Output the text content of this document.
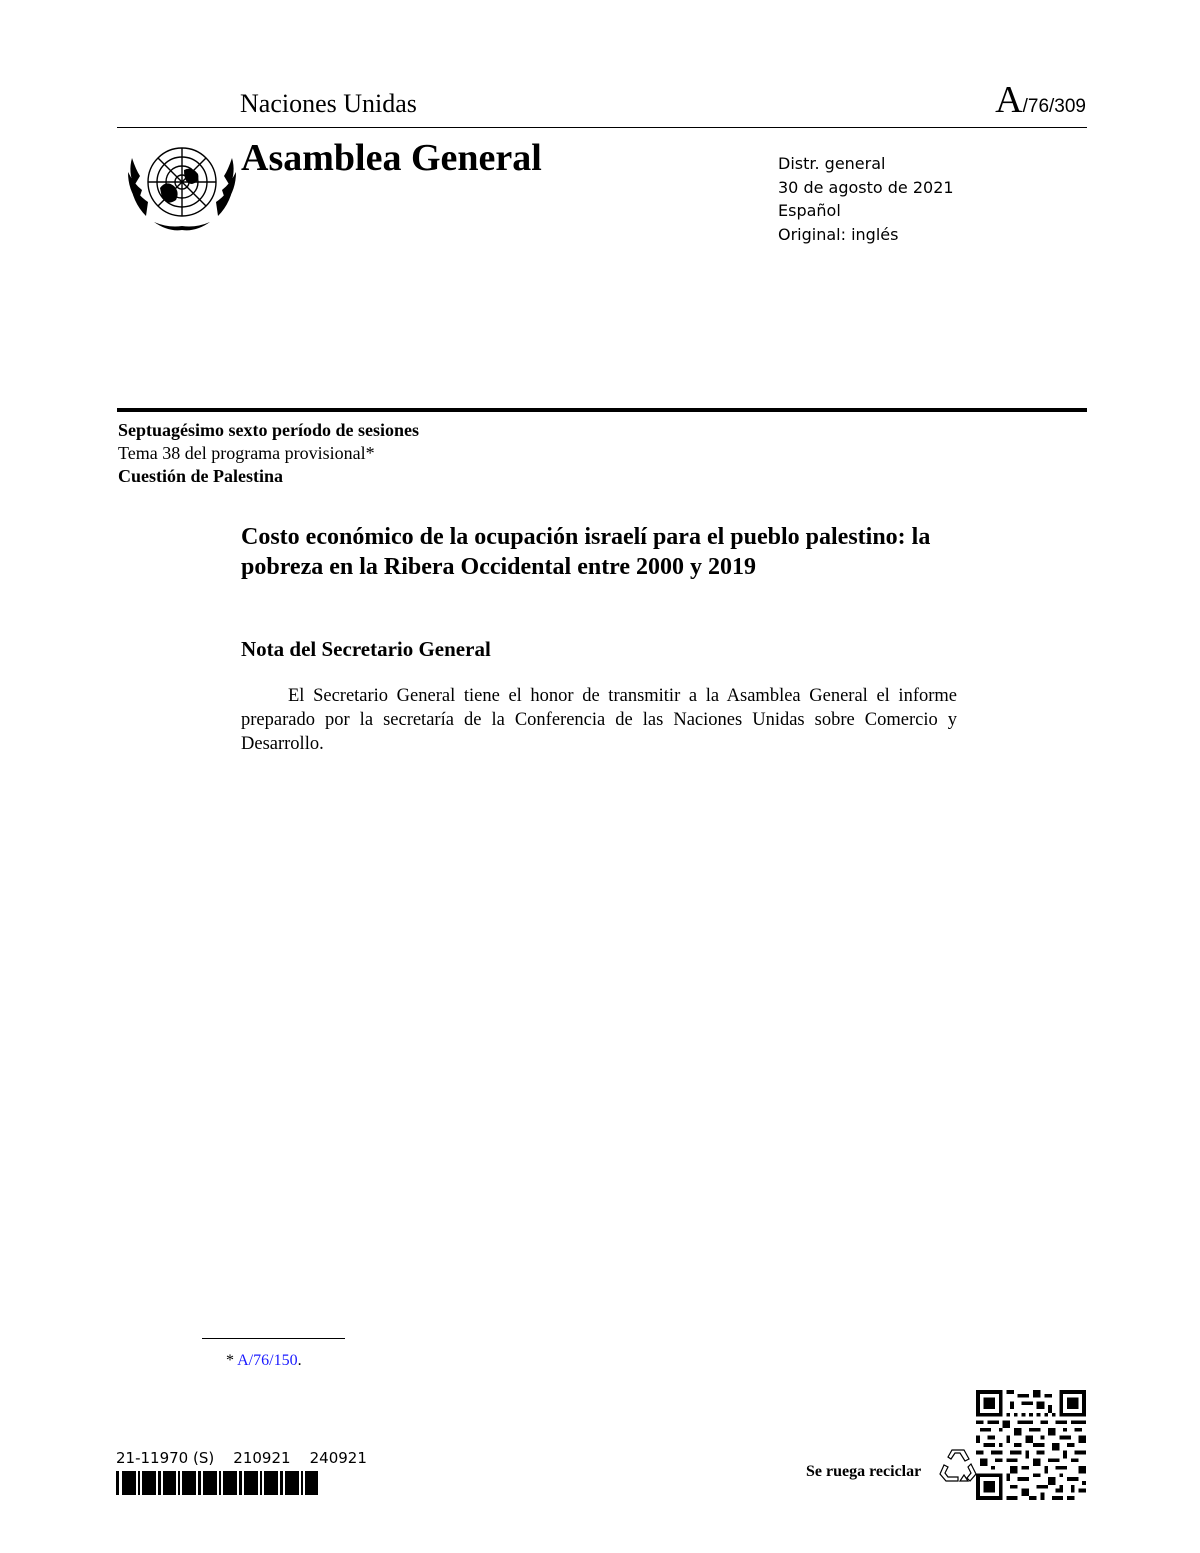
Naciones Unidas	A/76/309
Asamblea General	Distr. general
30 de agosto de 2021
Español
Original: inglés
Septuagésimo sexto período de sesiones
Tema 38 del programa provisional*
Cuestión de Palestina
Costo económico de la ocupación israelí para el pueblo palestino: la pobreza en la Ribera Occidental entre 2000 y 2019
Nota del Secretario General
El Secretario General tiene el honor de transmitir a la Asamblea General el informe preparado por la secretaría de la Conferencia de las Naciones Unidas sobre Comercio y Desarrollo.
* A/76/150.
21-11970 (S)    210921    240921
Se ruega reciclar
